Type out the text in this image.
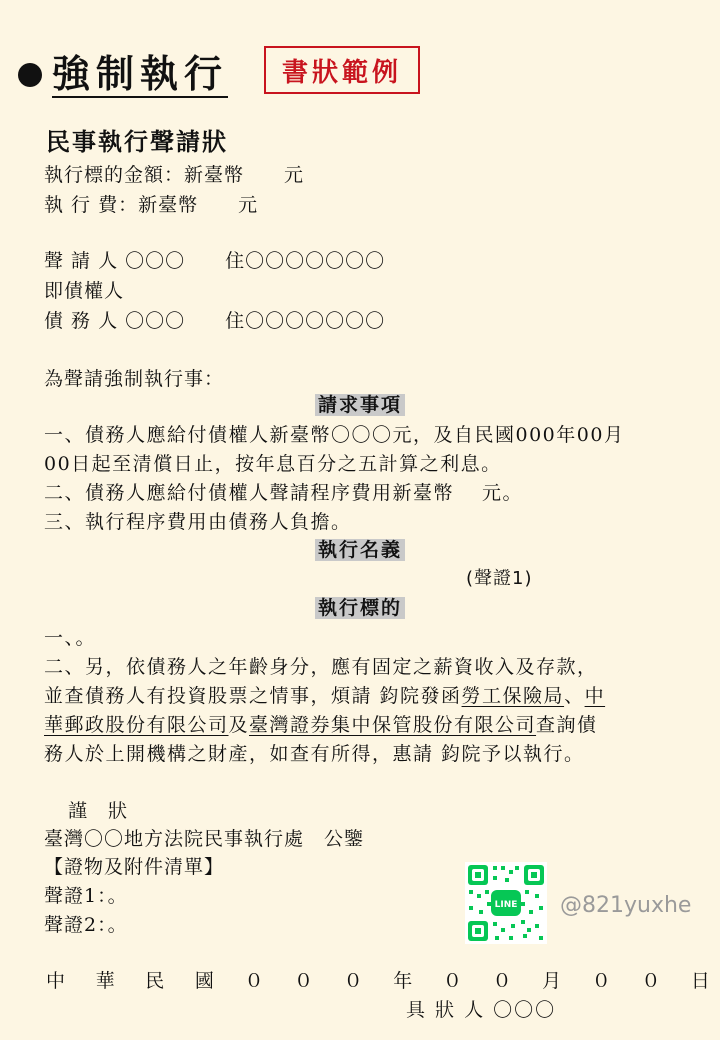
強制執行	書狀範例
民事執行聲請狀
執行標的金額：新臺幣　　元
執 行 費：新臺幣　　元
聲 請 人 〇〇〇　　住〇〇〇〇〇〇〇
即債權人
債 務 人 〇〇〇　　住〇〇〇〇〇〇〇
為聲請強制執行事：
請求事項
一、債務人應給付債權人新臺幣〇〇〇元，及自民國000年00月
00日起至清償日止，按年息百分之五計算之利息。
二、債務人應給付債權人聲請程序費用新臺幣　 元。
三、執行程序費用由債務人負擔。
執行名義
(聲證1)
執行標的
一、。
二、另，依債務人之年齡身分，應有固定之薪資收入及存款，
並查債務人有投資股票之情事，煩請 鈞院發函勞工保險局、中
華郵政股份有限公司及臺灣證券集中保管股份有限公司查詢債
務人於上開機構之財產，如查有所得，惠請 鈞院予以執行。
謹　狀
臺灣〇〇地方法院民事執行處　公鑒
【證物及附件清單】
聲證1：。
聲證2：。
中 華 民 國 ０ ０ ０ 年 ０ ０ 月 ０ ０ 日
具 狀 人 〇〇〇
LINE @821yuxhe
